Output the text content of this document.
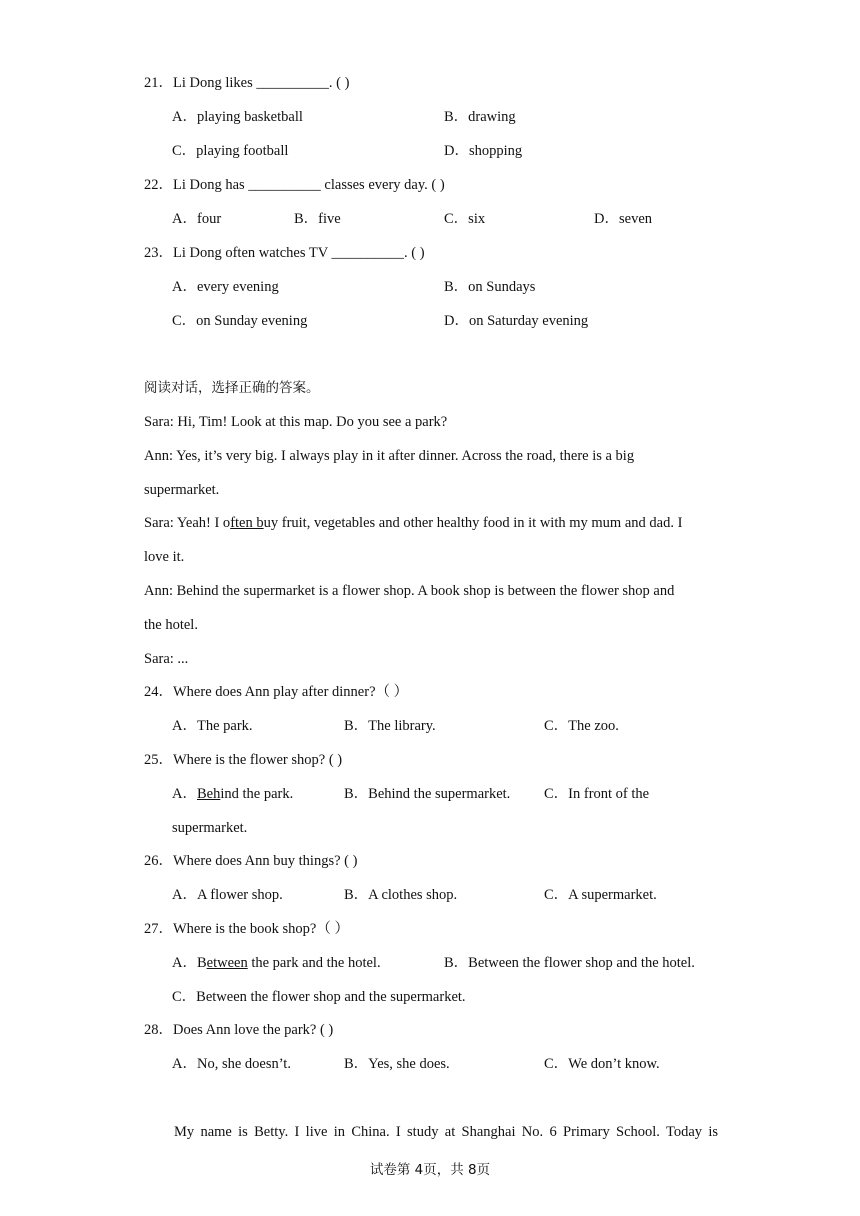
21．Li Dong likes __________. ( )
A．playing basketball	B．drawing
C．playing football	D．shopping
22．Li Dong has __________ classes every day. ( )
A．four	B．five	C．six	D．seven
23．Li Dong often watches TV __________. ( )
A．every evening	B．on Sundays
C．on Sunday evening	D．on Saturday evening
阅读对话，选择正确的答案。
Sara: Hi, Tim! Look at this map. Do you see a park?
Ann: Yes, it’s very big. I always play in it after dinner. Across the road, there is a big
supermarket.
Sara: Yeah! I often buy fruit, vegetables and other healthy food in it with my mum and dad. I
love it.
Ann: Behind the supermarket is a flower shop. A book shop is between the flower shop and
the hotel.
Sara: ...
24．Where does Ann play after dinner?（ ）
A．The park.	B．The library.	C．The zoo.
25．Where is the flower shop? ( )
A．Behind the park.	B．Behind the supermarket. C．In front of the
supermarket.
26．Where does Ann buy things? ( )
A．A flower shop.	B．A clothes shop.	C．A supermarket.
27．Where is the book shop?（ ）
A．Between the park and the hotel.	B．Between the flower shop and the hotel.
C．Between the flower shop and the supermarket.
28．Does Ann love the park? ( )
A．No, she doesn’t.	B．Yes, she does.	C．We don’t know.
My name is Betty. I live in China. I study at Shanghai No. 6 Primary School. Today is
试卷第 4页，共 8页
